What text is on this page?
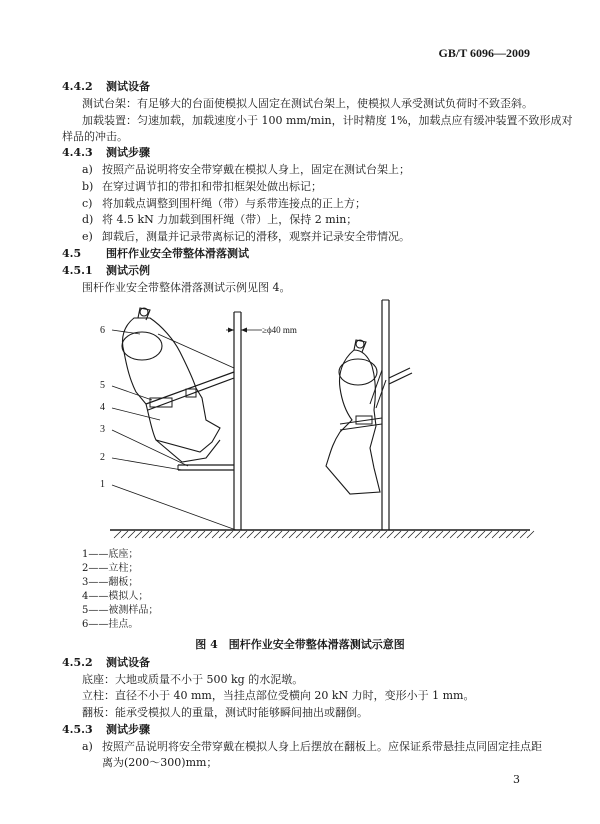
GB/T 6096—2009
4.4.2 测试设备
测试台架：有足够大的台面使模拟人固定在测试台架上，使模拟人承受测试负荷时不致歪斜。
加载装置：匀速加载，加载速度小于 100 mm/min，计时精度 1%，加载点应有缓冲装置不致形成对
样品的冲击。
4.4.3 测试步骤
a) 按照产品说明将安全带穿戴在模拟人身上，固定在测试台架上；
b) 在穿过调节扣的带扣和带扣框架处做出标记；
c) 将加载点调整到围杆绳（带）与系带连接点的正上方；
d) 将 4.5 kN 力加载到围杆绳（带）上，保持 2 min；
e) 卸载后，测量并记录带离标记的滑移，观察并记录安全带情况。
4.5 围杆作业安全带整体滑落测试
4.5.1 测试示例
围杆作业安全带整体滑落测试示例见图 4。
6
5
4
3
2
1
≥ϕ40 mm
1——底座；
2——立柱；
3——翻板；
4——模拟人；
5——被测样品；
6——挂点。
图 4　围杆作业安全带整体滑落测试示意图
4.5.2 测试设备
底座：大地或质量不小于 500 kg 的水泥墩。
立柱：直径不小于 40 mm，当挂点部位受横向 20 kN 力时，变形小于 1 mm。
翻板：能承受模拟人的重量，测试时能够瞬间抽出或翻倒。
4.5.3 测试步骤
a) 按照产品说明将安全带穿戴在模拟人身上后摆放在翻板上。应保证系带悬挂点同固定挂点距
离为(200～300)mm；
3
